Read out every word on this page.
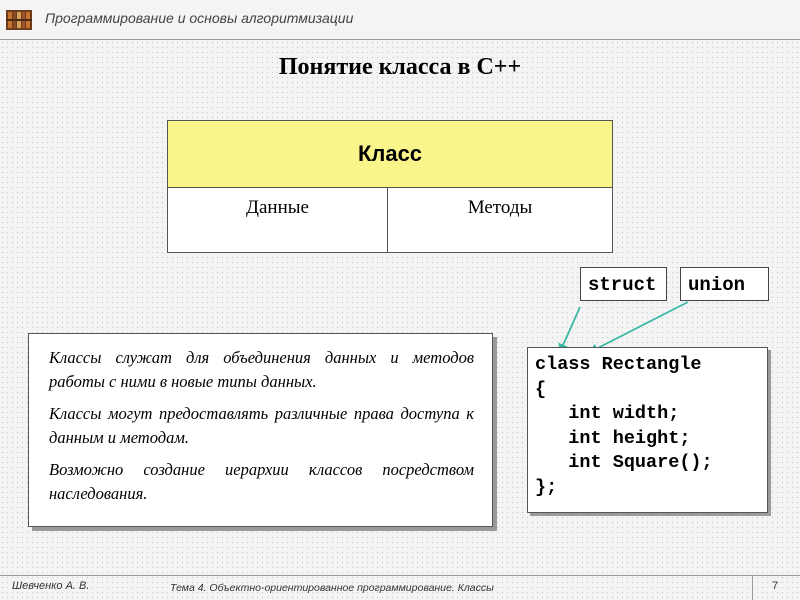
Программирование и основы алгоритмизации
Понятие класса в С++
Класс
Данные	Методы
struct	union

Классы служат для объединения данных и методов работы с ними в новые типы данных.

Классы могут предоставлять различные права доступа к данным и методам.

Возможно создание иерархии классов посредством наследования.

class Rectangle
{
int width;
int height;
int Square();
};
Шевченко А. В.	Тема 4. Объектно-ориентированное программирование. Классы	7
